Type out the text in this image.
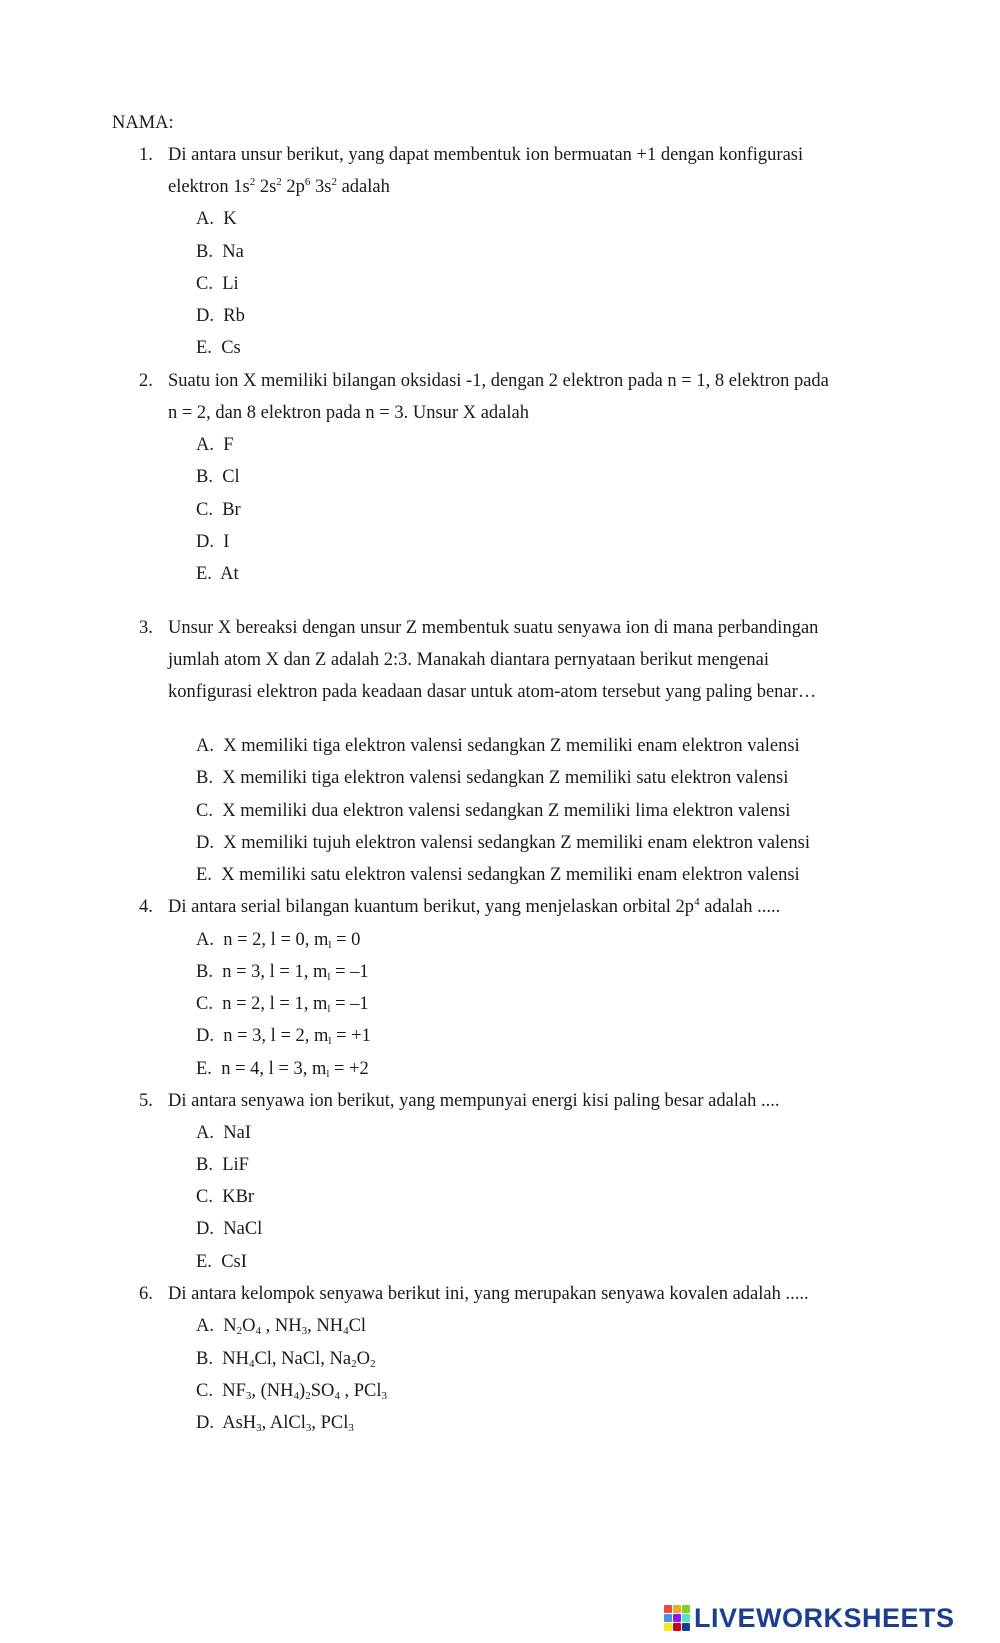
NAMA:
1. Di antara unsur berikut, yang dapat membentuk ion bermuatan +1 dengan konfigurasi
elektron $1s^2$ $2s^2$ $2p^6$ $3s^2$ adalah
A. K
B. Na
C. Li
D. Rb
E. Cs
2. Suatu ion X memiliki bilangan oksidasi -1, dengan 2 elektron pada n = 1, 8 elektron pada
n = 2, dan 8 elektron pada n = 3. Unsur X adalah
A. F
B. Cl
C. Br
D. I
E. At
3. Unsur X bereaksi dengan unsur Z membentuk suatu senyawa ion di mana perbandingan
jumlah atom X dan Z adalah 2:3. Manakah diantara pernyataan berikut mengenai
konfigurasi elektron pada keadaan dasar untuk atom-atom tersebut yang paling benar…
A. X memiliki tiga elektron valensi sedangkan Z memiliki enam elektron valensi
B. X memiliki tiga elektron valensi sedangkan Z memiliki satu elektron valensi
C. X memiliki dua elektron valensi sedangkan Z memiliki lima elektron valensi
D. X memiliki tujuh elektron valensi sedangkan Z memiliki enam elektron valensi
E. X memiliki satu elektron valensi sedangkan Z memiliki enam elektron valensi
4. Di antara serial bilangan kuantum berikut, yang menjelaskan orbital $2p^4$ adalah .....
A. n = 2, l = 0, $m_l = 0$
B. n = 3, l = 1, $m_l = -1$
C. n = 2, l = 1, $m_l = -1$
D. n = 3, l = 2, $m_l = +1$
E. n = 4, l = 3, $m_l = +2$
5. Di antara senyawa ion berikut, yang mempunyai energi kisi paling besar adalah ....
A. NaI
B. LiF
C. KBr
D. NaCl
E. CsI
6. Di antara kelompok senyawa berikut ini, yang merupakan senyawa kovalen adalah .....
A. $N_2O_4$ , $NH_3$, $NH_4Cl$
B. $NH_4Cl$, NaCl, $Na_2O_2$
C. $NF_3$, $(NH_4)_2SO_4$ , PCl$_3$
D. AsH$_3$, AlCl$_3$, PCl$_3$
LIVEWORKSHEETS
